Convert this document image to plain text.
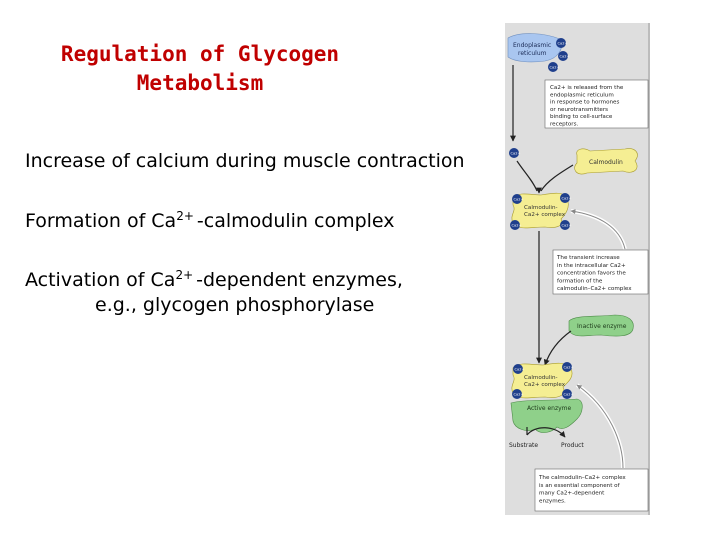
Regulation of Glycogen
Metabolism
Increase of calcium during muscle contraction
Formation of $Ca^{2+}$ -calmodulin complex
Activation of $Ca^{2+}$ -dependent enzymes,
e.g., glycogen phosphorylase
Endoplasmic
reticulum
Ca2+
Ca2+
Ca2+
Ca2+ is released from the
endoplasmic reticulum
in response to hormones
or neurotransmitters
binding to cell-surface
receptors.
Ca2+
Calmodulin
Ca2+	Ca2+
Ca2+	Ca2+
Calmodulin-
Ca2+ complex
The transient increase
in the intracellular Ca2+
concentration favors the
formation of the
calmodulin–Ca2+ complex
Inactive enzyme
Ca2+	Ca2+
Ca2+	Ca2+
Calmodulin-
Ca2+ complex
Active enzyme
Substrate	Product
The calmodulin–Ca2+ complex
is an essential component of
many Ca2+-dependent
enzymes.
